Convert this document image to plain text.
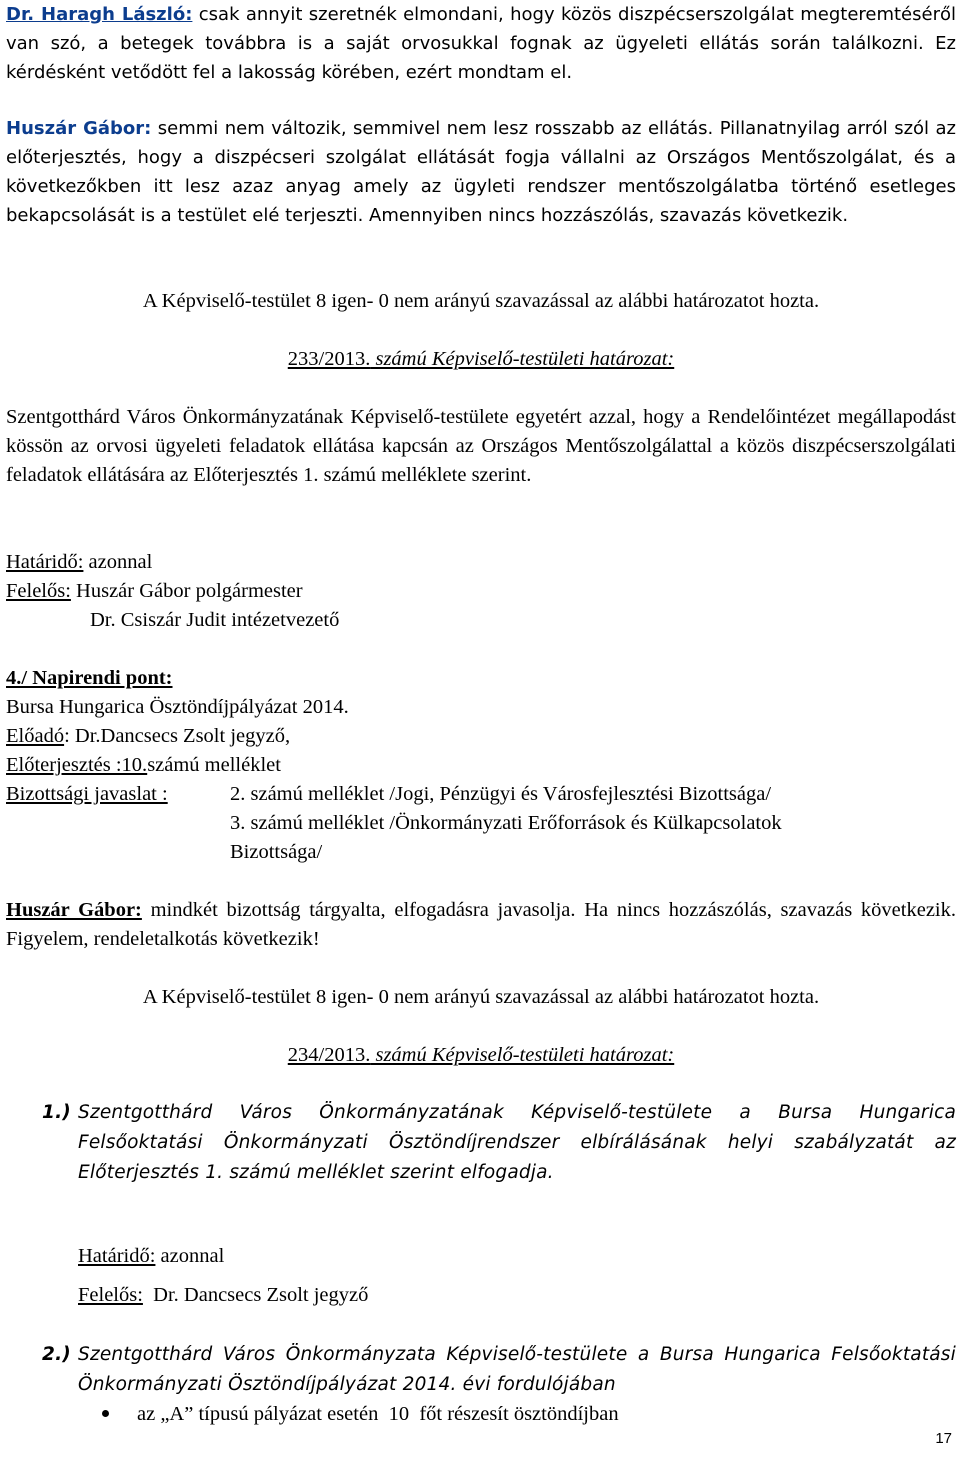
Dr. Haragh László: csak annyit szeretnék elmondani, hogy közös diszpécserszolgálat megteremtéséről van szó, a betegek továbbra is a saját orvosukkal fognak az ügyeleti ellátás során találkozni. Ez kérdésként vetődött fel a lakosság körében, ezért mondtam el.
Huszár Gábor: semmi nem változik, semmivel nem lesz rosszabb az ellátás. Pillanatnyilag arról szól az előterjesztés, hogy a diszpécseri szolgálat ellátását fogja vállalni az Országos Mentőszolgálat, és a következőkben itt lesz azaz anyag amely az ügyleti rendszer mentőszolgálatba történő esetleges bekapcsolását is a testület elé terjeszti. Amennyiben nincs hozzászólás, szavazás következik.
A Képviselő-testület 8 igen- 0 nem arányú szavazással az alábbi határozatot hozta.
233/2013. számú Képviselő-testületi határozat:
Szentgotthárd Város Önkormányzatának Képviselő-testülete egyetért azzal, hogy a Rendelőintézet megállapodást kössön az orvosi ügyeleti feladatok ellátása kapcsán az Országos Mentőszolgálattal a közös diszpécserszolgálati feladatok ellátására az Előterjesztés 1. számú melléklete szerint.
Határidő: azonnal
Felelős: Huszár Gábor polgármester
Dr. Csiszár Judit intézetvezető
4./ Napirendi pont:
Bursa Hungarica Ösztöndíjpályázat 2014.
Előadó: Dr.Dancsecs Zsolt jegyző,
Előterjesztés :10.számú melléklet
Bizottsági javaslat :	2. számú melléklet /Jogi, Pénzügyi és Városfejlesztési Bizottsága/
3. számú melléklet /Önkormányzati Erőforrások és Külkapcsolatok
Bizottsága/
Huszár Gábor: mindkét bizottság tárgyalta, elfogadásra javasolja. Ha nincs hozzászólás, szavazás következik. Figyelem, rendeletalkotás következik!
A Képviselő-testület 8 igen- 0 nem arányú szavazással az alábbi határozatot hozta.
234/2013. számú Képviselő-testületi határozat:
1.) Szentgotthárd Város Önkormányzatának Képviselő-testülete a Bursa Hungarica Felsőoktatási Önkormányzati Ösztöndíjrendszer elbírálásának helyi szabályzatát az Előterjesztés 1. számú melléklet szerint elfogadja.
Határidő: azonnal
Felelős:  Dr. Dancsecs Zsolt jegyző
2.) Szentgotthárd Város Önkormányzata Képviselő-testülete a Bursa Hungarica Felsőoktatási Önkormányzati Ösztöndíjpályázat 2014. évi fordulójában
az „A” típusú pályázat esetén  10  főt részesít ösztöndíjban
17
